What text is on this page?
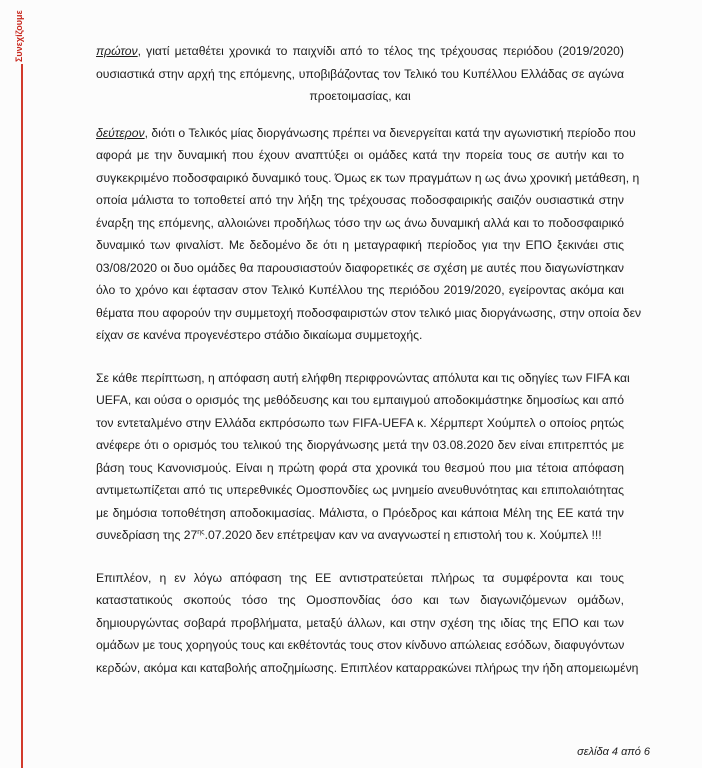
Συνεχίζουμε	πρώτον, γιατί μεταθέτει χρονικά το παιχνίδι από το τέλος της τρέχουσας περιόδου (2019/2020)
ουσιαστικά στην αρχή της επόμενης, υποβιβάζοντας τον Τελικό του Κυπέλλου Ελλάδας σε αγώνα
προετοιμασίας, και
δεύτερον, διότι ο Τελικός μίας διοργάνωσης πρέπει να διενεργείται κατά την αγωνιστική περίοδο που
αφορά με την δυναμική που έχουν αναπτύξει οι ομάδες κατά την πορεία τους σε αυτήν και το
συγκεκριμένο ποδοσφαιρικό δυναμικό τους. Όμως εκ των πραγμάτων η ως άνω χρονική μετάθεση, η
οποία μάλιστα το τοποθετεί από την λήξη της τρέχουσας ποδοσφαιρικής σαιζόν ουσιαστικά στην
έναρξη της επόμενης, αλλοιώνει προδήλως τόσο την ως άνω δυναμική αλλά και το ποδοσφαιρικό
δυναμικό των φιναλίστ. Με δεδομένο δε ότι η μεταγραφική περίοδος για την ΕΠΟ ξεκινάει στις
03/08/2020 οι δυο ομάδες θα παρουσιαστούν διαφορετικές σε σχέση με αυτές που διαγωνίστηκαν
όλο το χρόνο και έφτασαν στον Τελικό Κυπέλλου της περιόδου 2019/2020, εγείροντας ακόμα και
θέματα που αφορούν την συμμετοχή ποδοσφαιριστών στον τελικό μιας διοργάνωσης, στην οποία δεν
είχαν σε κανένα προγενέστερο στάδιο δικαίωμα συμμετοχής.
Σε κάθε περίπτωση, η απόφαση αυτή ελήφθη περιφρονώντας απόλυτα και τις οδηγίες των FIFA και
UEFA, και ούσα ο ορισμός της μεθόδευσης και του εμπαιγμού αποδοκιμάστηκε δημοσίως και από
τον εντεταλμένο στην Ελλάδα εκπρόσωπο των FIFA-UEFA κ. Χέρμπερτ Χούμπελ ο οποίος ρητώς
ανέφερε ότι ο ορισμός του τελικού της διοργάνωσης μετά την 03.08.2020 δεν είναι επιτρεπτός με
βάση τους Κανονισμούς. Είναι η πρώτη φορά στα χρονικά του θεσμού που μια τέτοια απόφαση
αντιμετωπίζεται από τις υπερεθνικές Ομοσπονδίες ως μνημείο ανευθυνότητας και επιπολαιότητας
με δημόσια τοποθέτηση αποδοκιμασίας. Μάλιστα, ο Πρόεδρος και κάποια Μέλη της ΕΕ κατά την
συνεδρίαση της $27^{\eta\varsigma}.07.2020$ δεν επέτρεψαν καν να αναγνωστεί η επιστολή του κ. Χούμπελ !!!
Επιπλέον, η εν λόγω απόφαση της ΕΕ αντιστρατεύεται πλήρως τα συμφέροντα και τους
καταστατικούς σκοπούς τόσο της Ομοσπονδίας όσο και των διαγωνιζόμενων ομάδων,
δημιουργώντας σοβαρά προβλήματα, μεταξύ άλλων, και στην σχέση της ιδίας της ΕΠΟ και των
ομάδων με τους χορηγούς τους και εκθέτοντάς τους στον κίνδυνο απώλειας εσόδων, διαφυγόντων
κερδών, ακόμα και καταβολής αποζημίωσης. Επιπλέον καταρρακώνει πλήρως την ήδη απομειωμένη
σελίδα 4 από 6
